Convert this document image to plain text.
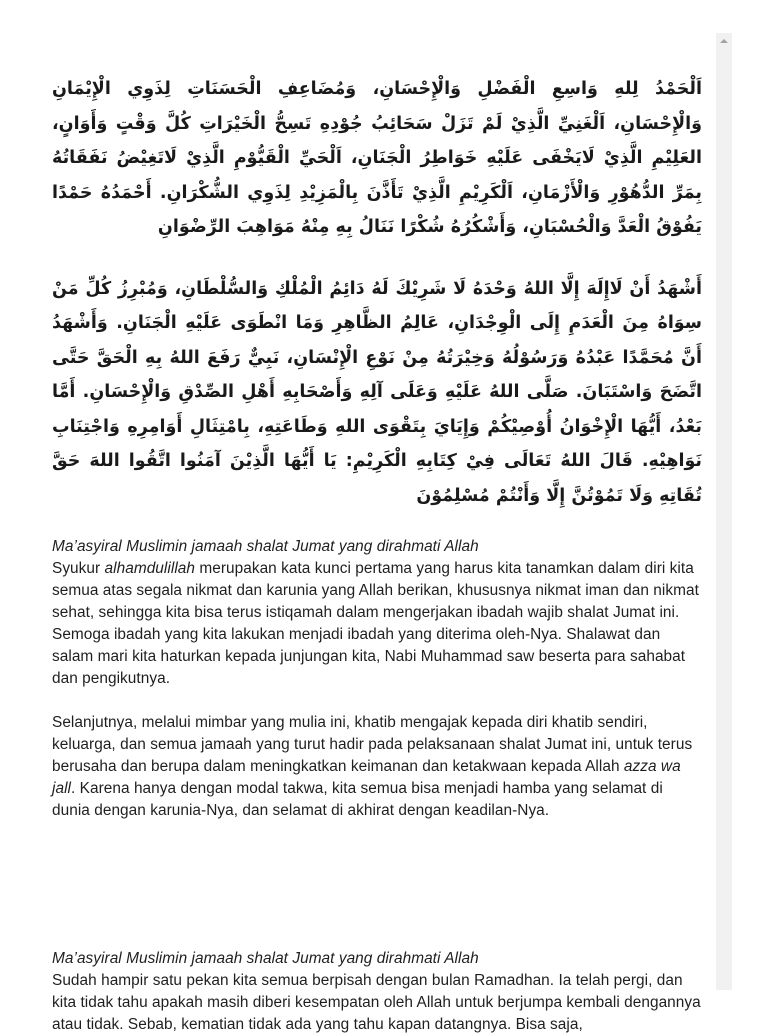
اَلْحَمْدُ لِلهِ وَاسِعِ الْفَضْلِ وَالْإِحْسَانِ، وَمُضَاعِفِ الْحَسَنَاتِ لِذَوِي الْإِيْمَانِ وَالْإِحْسَانِ، اَلْغَنِيِّ الَّذِيْ لَمْ تَزَلْ سَحَائِبُ جُوْدِهِ تَسِحُّ الْخَيْرَاتِ كُلَّ وَقْتٍ وَأَوَانٍ، العَلِيْمِ الَّذِيْ لَايَخْفَى عَلَيْهِ خَوَاطِرُ الْجَنَانِ، اَلْحَيِّ الْقَيُّوْمِ الَّذِيْ لَاتَغِيْضُ نَفَقَاتُهُ بِمَرِّ الدُّهُوْرِ وَالْأَزْمَانِ، اَلْكَرِيْمِ الَّذِيْ تَأَذَّنَ بِالْمَزِيْدِ لِذَوِي الشُّكْرَانِ. أَحْمَدُهُ حَمْدًا يَفُوْقُ الْعَدَّ وَالْحُسْبَانِ، وَأَشْكُرُهُ شُكْرًا نَنَالُ بِهِ مِنْهُ مَوَاهِبَ الرِّضْوَانِ

أَشْهَدُ أَنْ لَاإِلَهَ إِلَّا اللهُ وَحْدَهُ لَا شَرِيْكَ لَهُ دَائِمُ الْمُلْكِ وَالسُّلْطَانِ، وَمُبْرِزُ كُلِّ مَنْ سِوَاهُ مِنَ الْعَدَمِ إِلَى الْوِجْدَانِ، عَالِمُ الظَّاهِرِ وَمَا انْطَوَى عَلَيْهِ الْجَنَانِ. وَأَشْهَدُ أَنَّ مُحَمَّدًا عَبْدُهُ وَرَسُوْلُهُ وَخِيْرَتُهُ مِنْ نَوْعِ الْإِنْسَانِ، نَبِيٌّ رَفَعَ اللهُ بِهِ الْحَقَّ حَتَّى اتَّضَحَ وَاسْتَبَانَ. صَلَّى اللهُ عَلَيْهِ وَعَلَى آلِهِ وَأَصْحَابِهِ أَهْلِ الصِّدْقِ وَالْإِحْسَانِ. أَمَّا بَعْدُ، أَيُّهَا الْإِخْوَانُ أُوْصِيْكُمْ وَإِيَايَ بِتَقْوَى اللهِ وَطَاعَتِهِ، بِامْتِثَالِ أَوَامِرِهِ وَاجْتِنَابِ نَوَاهِيْهِ. قَالَ اللهُ تَعَالَى فِيْ كِتَابِهِ الْكَرِيْمِ: يَا أَيُّهَا الَّذِيْنَ آمَنُوا اتَّقُوا اللهَ حَقَّ تُقَاتِهِ وَلَا تَمُوْتُنَّ إِلَّا وَأَنْتُمْ مُسْلِمُوْنَ

Ma’asyiral Muslimin jamaah shalat Jumat yang dirahmati Allah
Syukur alhamdulillah merupakan kata kunci pertama yang harus kita tanamkan dalam diri kita semua atas segala nikmat dan karunia yang Allah berikan, khususnya nikmat iman dan nikmat sehat, sehingga kita bisa terus istiqamah dalam mengerjakan ibadah wajib shalat Jumat ini. Semoga ibadah yang kita lakukan menjadi ibadah yang diterima oleh-Nya. Shalawat dan salam mari kita haturkan kepada junjungan kita, Nabi Muhammad saw beserta para sahabat dan pengikutnya.

Selanjutnya, melalui mimbar yang mulia ini, khatib mengajak kepada diri khatib sendiri, keluarga, dan semua jamaah yang turut hadir pada pelaksanaan shalat Jumat ini, untuk terus berusaha dan berupa dalam meningkatkan keimanan dan ketakwaan kepada Allah azza wa jall. Karena hanya dengan modal takwa, kita semua bisa menjadi hamba yang selamat di dunia dengan karunia-Nya, dan selamat di akhirat dengan keadilan-Nya.

Ma’asyiral Muslimin jamaah shalat Jumat yang dirahmati Allah
Sudah hampir satu pekan kita semua berpisah dengan bulan Ramadhan. Ia telah pergi, dan kita tidak tahu apakah masih diberi kesempatan oleh Allah untuk berjumpa kembali dengannya atau tidak. Sebab, kematian tidak ada yang tahu kapan datangnya. Bisa saja,
